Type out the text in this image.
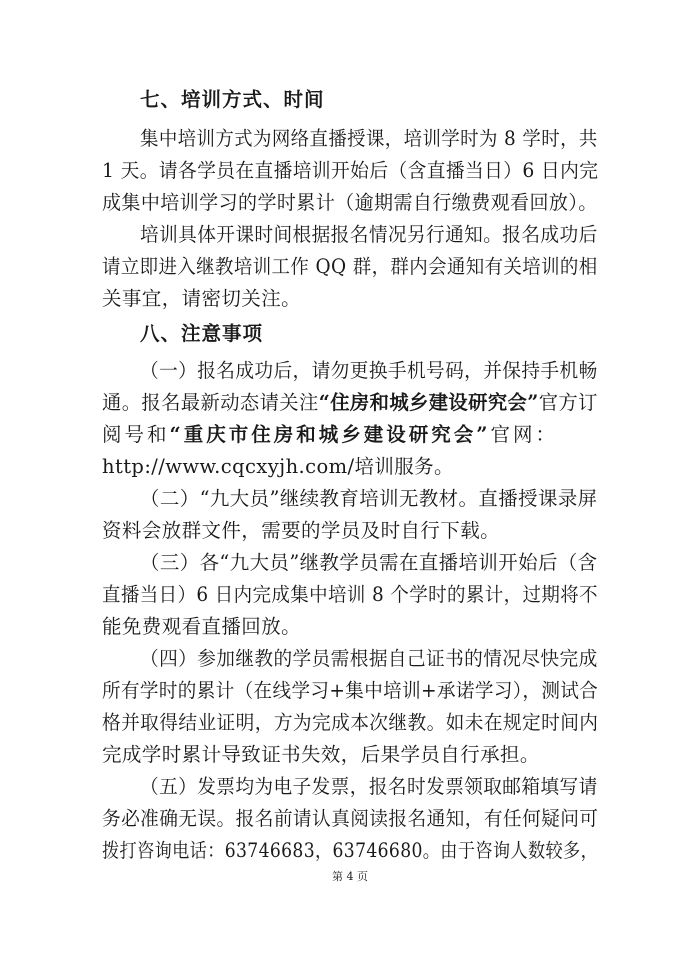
七、培训方式、时间
集中培训方式为网络直播授课，培训学时为 8 学时，共
1 天。请各学员在直播培训开始后（含直播当日）6 日内完
成集中培训学习的学时累计（逾期需自行缴费观看回放）。
培训具体开课时间根据报名情况另行通知。报名成功后
请立即进入继教培训工作 QQ 群，群内会通知有关培训的相
关事宜，请密切关注。
八、注意事项
（一）报名成功后，请勿更换手机号码，并保持手机畅
通。报名最新动态请关注“住房和城乡建设研究会”官方订
阅号和“重庆市住房和城乡建设研究会”官网：
http://www.cqcxyjh.com/培训服务。
（二）“九大员”继续教育培训无教材。直播授课录屏
资料会放群文件，需要的学员及时自行下载。
（三）各“九大员”继教学员需在直播培训开始后（含
直播当日）6 日内完成集中培训 8 个学时的累计，过期将不
能免费观看直播回放。
（四）参加继教的学员需根据自己证书的情况尽快完成
所有学时的累计（在线学习+集中培训+承诺学习），测试合
格并取得结业证明，方为完成本次继教。如未在规定时间内
完成学时累计导致证书失效，后果学员自行承担。
（五）发票均为电子发票，报名时发票领取邮箱填写请
务必准确无误。报名前请认真阅读报名通知，有任何疑问可
拨打咨询电话：63746683，63746680。由于咨询人数较多，
第 4 页
